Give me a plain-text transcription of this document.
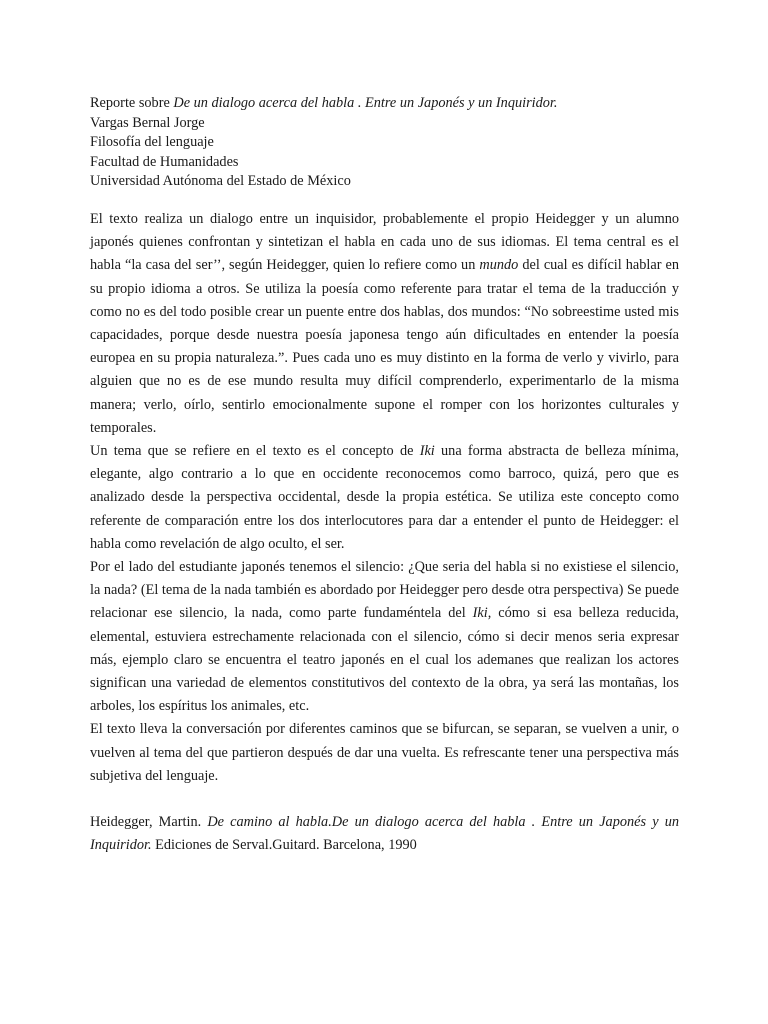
Reporte sobre De un dialogo acerca del habla . Entre un Japonés y un Inquiridor.
Vargas Bernal Jorge
Filosofía del lenguaje
Facultad de Humanidades
Universidad Autónoma del Estado de México

El texto realiza un dialogo entre un inquisidor, probablemente el propio Heidegger y un alumno japonés quienes confrontan y sintetizan el habla en cada uno de sus idiomas. El tema central es el habla “la casa del ser’’, según Heidegger, quien lo refiere como un mundo del cual es difícil hablar en su propio idioma a otros. Se utiliza la poesía como referente para tratar el tema de la traducción y como no es del todo posible crear un puente entre dos hablas, dos mundos: “No sobreestime usted mis capacidades, porque desde nuestra poesía japonesa tengo aún dificultades en entender la poesía europea en su propia naturaleza.”. Pues cada uno es muy distinto en la forma de verlo y vivirlo, para alguien que no es de ese mundo resulta muy difícil comprenderlo, experimentarlo de la misma manera; verlo, oírlo, sentirlo emocionalmente supone el romper con los horizontes culturales y temporales.

Un tema que se refiere en el texto es el concepto de Iki una forma abstracta de belleza mínima, elegante, algo contrario a lo que en occidente reconocemos como barroco, quizá, pero que es analizado desde la perspectiva occidental, desde la propia estética. Se utiliza este concepto como referente de comparación entre los dos interlocutores para dar a entender el punto de Heidegger: el habla como revelación de algo oculto, el ser.

Por el lado del estudiante japonés tenemos el silencio: ¿Que seria del habla si no existiese el silencio, la nada? (El tema de la nada también es abordado por Heidegger pero desde otra perspectiva) Se puede relacionar ese silencio, la nada, como parte fundaméntela del Iki, cómo si esa belleza reducida, elemental, estuviera estrechamente relacionada con el silencio, cómo si decir menos seria expresar más, ejemplo claro se encuentra el teatro japonés en el cual los ademanes que realizan los actores significan una variedad de elementos constitutivos del contexto de la obra, ya será las montañas, los arboles, los espíritus los animales, etc.

El texto lleva la conversación por diferentes caminos que se bifurcan, se separan, se vuelven a unir, o vuelven al tema del que partieron después de dar una vuelta. Es refrescante tener una perspectiva más subjetiva del lenguaje.

Heidegger, Martin. De camino al habla.De un dialogo acerca del habla . Entre un Japonés y un Inquiridor. Ediciones de Serval.Guitard. Barcelona, 1990
